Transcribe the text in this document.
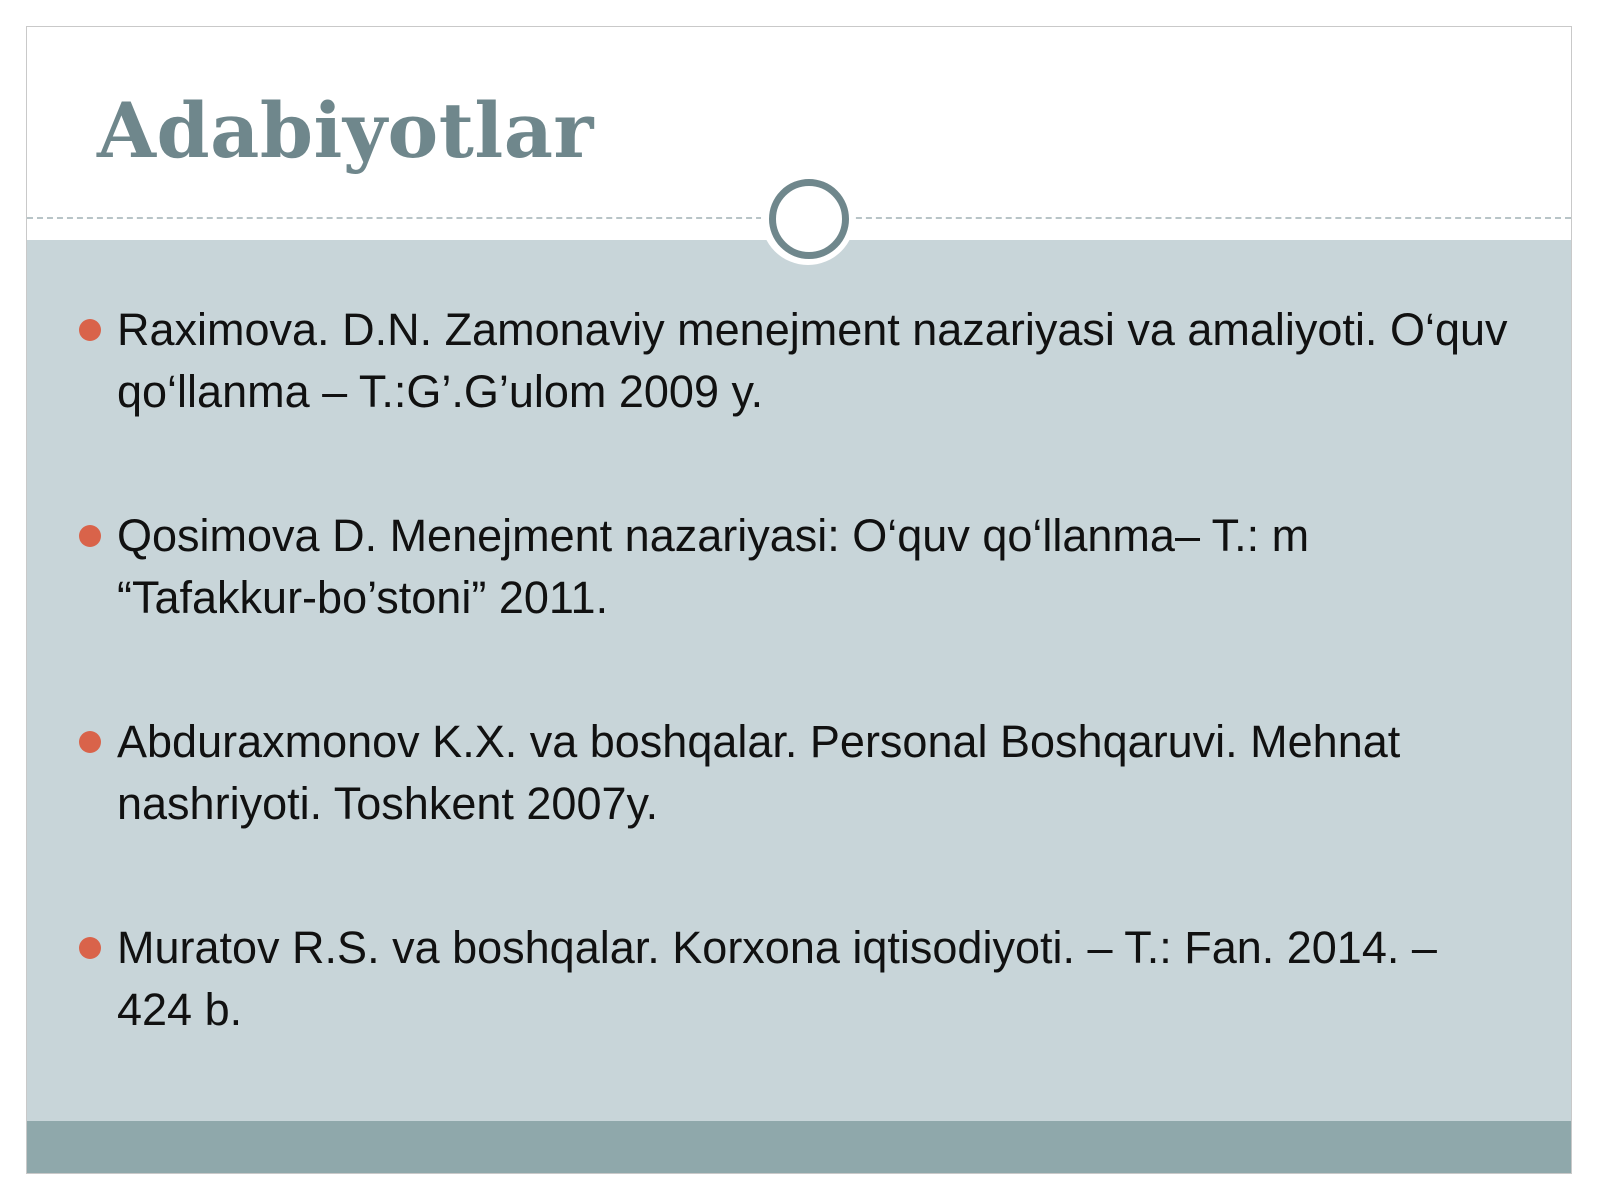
Adabiyotlar
Raximova. D.N. Zamonaviy menejment nazariyasi va amaliyoti. O‘quv qo‘llanma – T.:G’.G’ulom 2009 y.
Qosimova D. Menejment nazariyasi: O‘quv qo‘llanma– T.: m “Tafakkur-bo’stoni” 2011.
Abduraxmonov K.X. va boshqalar. Personal Boshqaruvi. Mehnat nashriyoti. Toshkent 2007y.
Muratov R.S. va boshqalar. Korxona iqtisodiyoti. – T.: Fan. 2014. – 424 b.
